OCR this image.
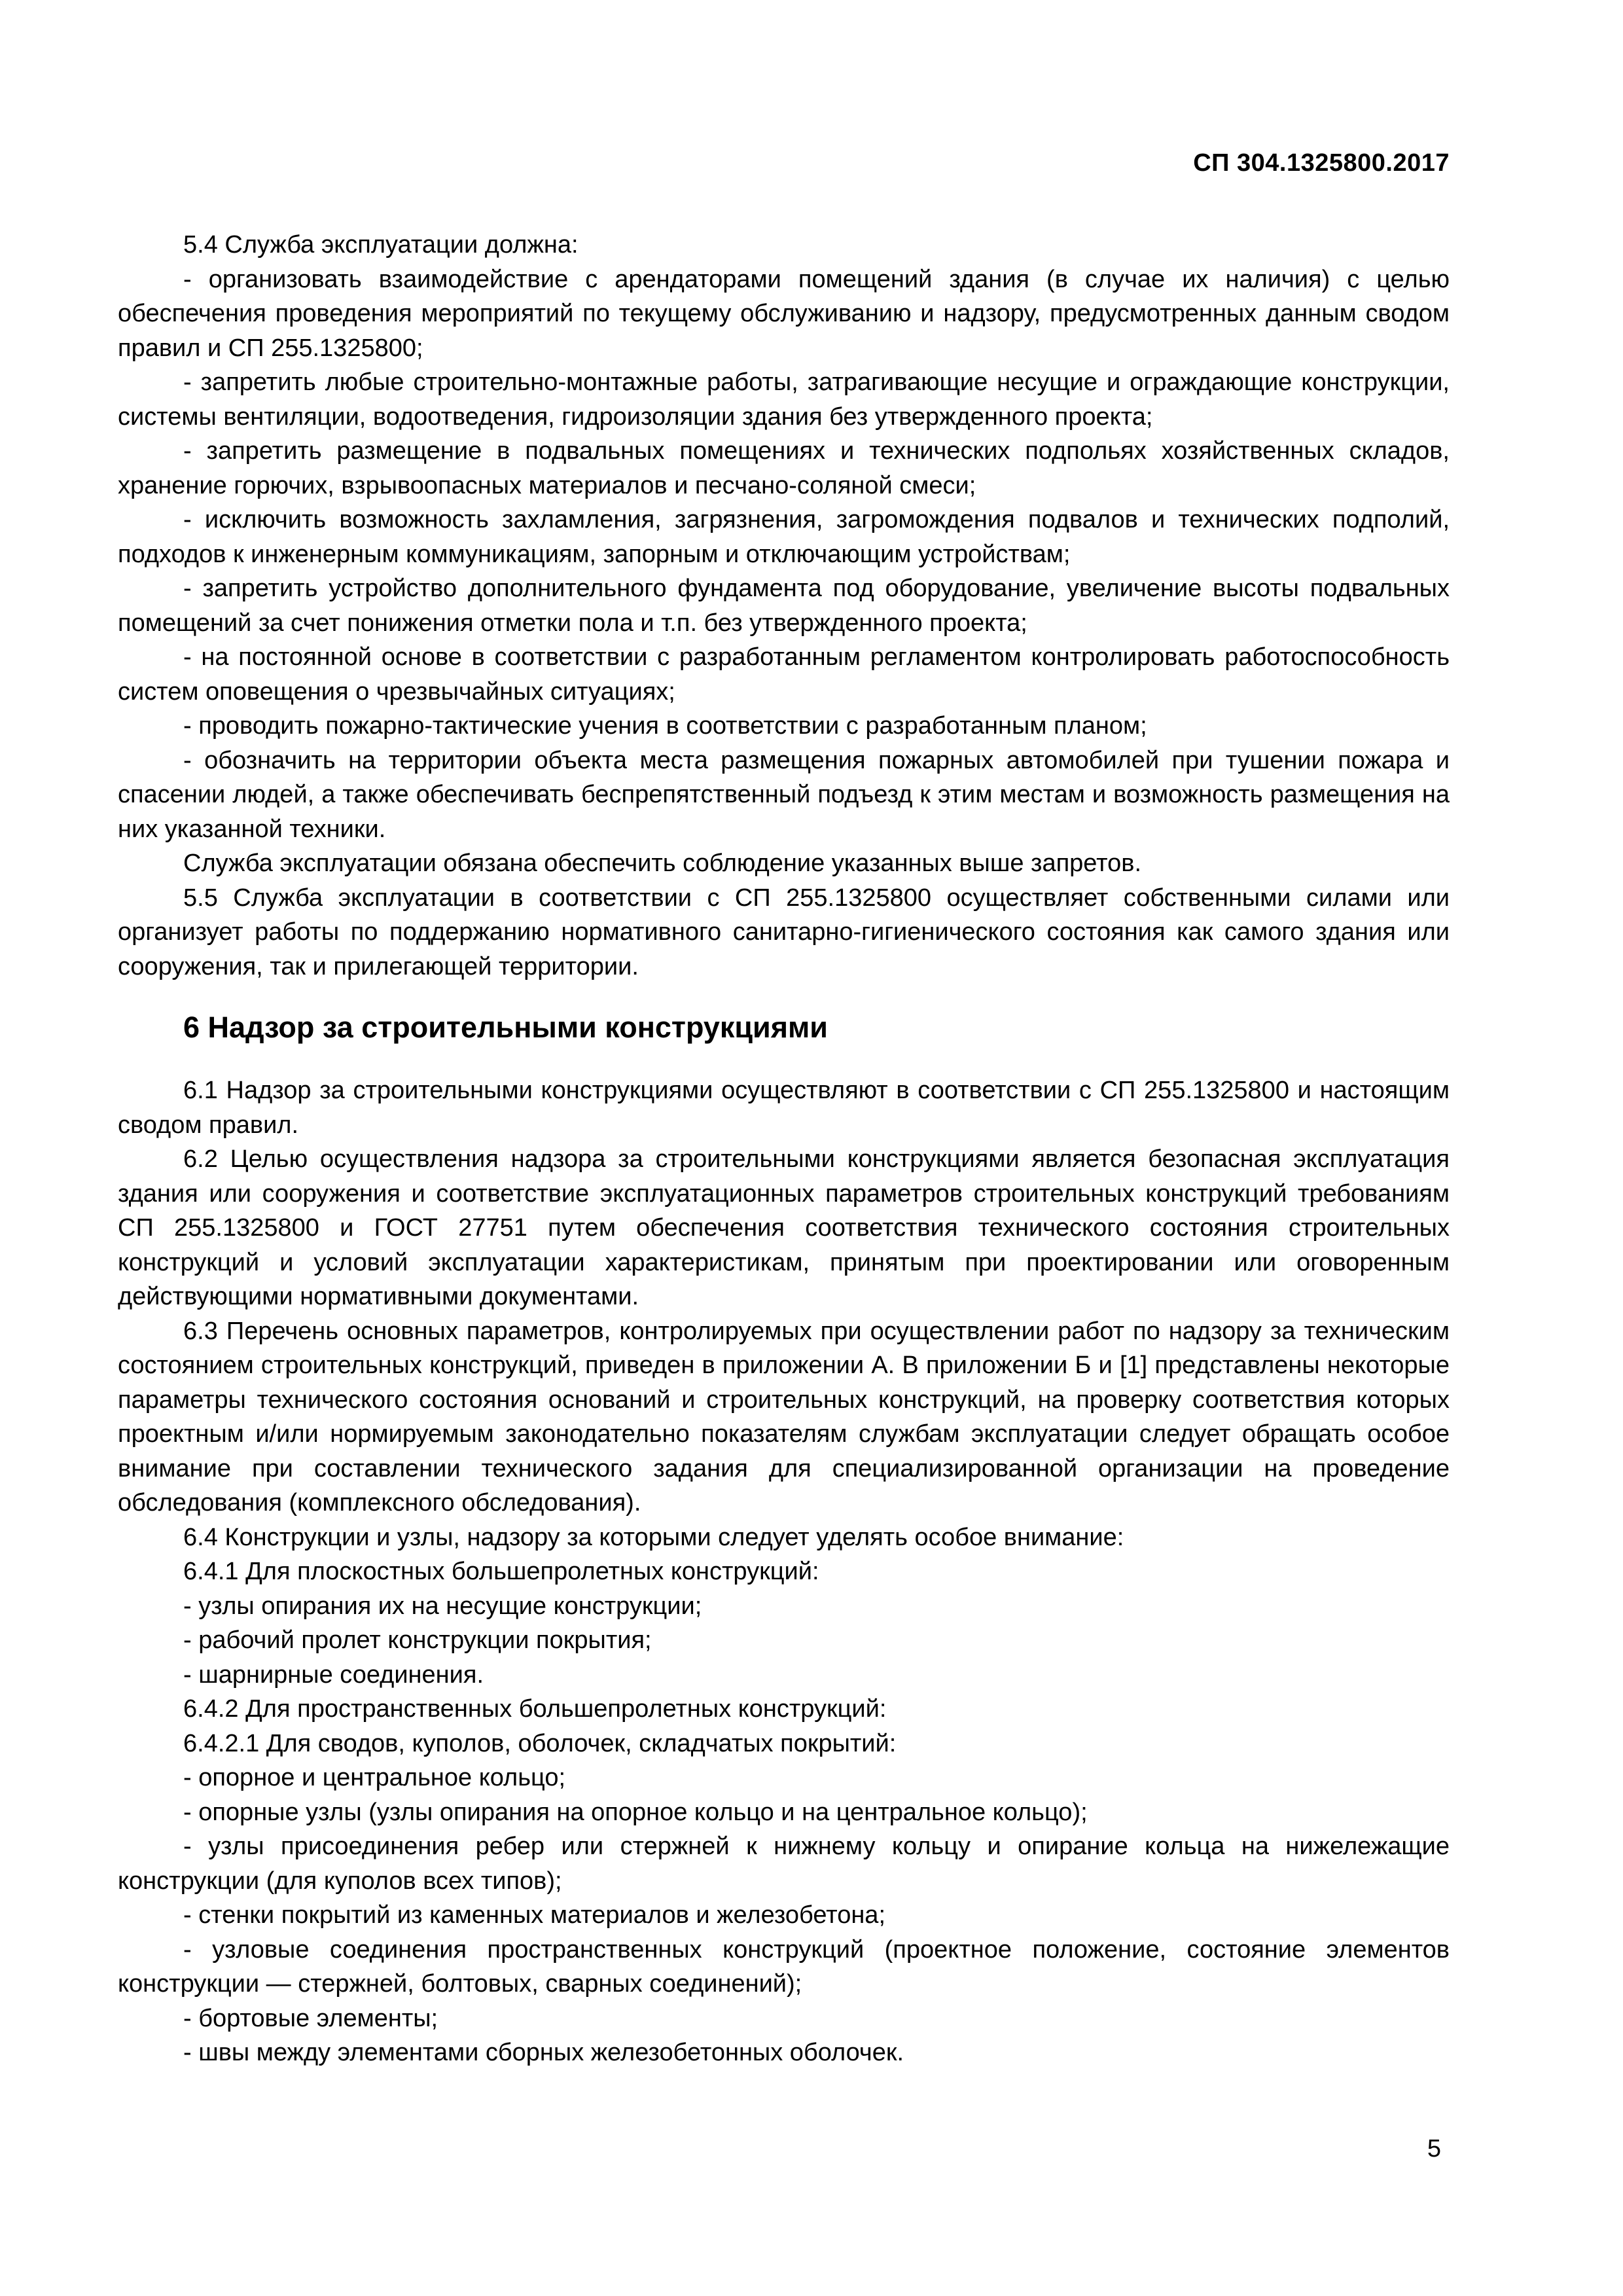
СП 304.1325800.2017

5.4 Служба эксплуатации должна:

- организовать взаимодействие с арендаторами помещений здания (в случае их наличия) с целью обеспечения проведения мероприятий по текущему обслуживанию и надзору, предусмотренных данным сводом правил и СП 255.1325800;

- запретить любые строительно-монтажные работы, затрагивающие несущие и ограждающие конструкции, системы вентиляции, водоотведения, гидроизоляции здания без утвержденного проекта;

- запретить размещение в подвальных помещениях и технических подпольях хозяйственных складов, хранение горючих, взрывоопасных материалов и песчано-соляной смеси;

- исключить возможность захламления, загрязнения, загромождения подвалов и технических подполий, подходов к инженерным коммуникациям, запорным и отключающим устройствам;

- запретить устройство дополнительного фундамента под оборудование, увеличение высоты подвальных помещений за счет понижения отметки пола и т.п. без утвержденного проекта;

- на постоянной основе в соответствии с разработанным регламентом контролировать работоспособность систем оповещения о чрезвычайных ситуациях;

- проводить пожарно-тактические учения в соответствии с разработанным планом;

- обозначить на территории объекта места размещения пожарных автомобилей при тушении пожара и спасении людей, а также обеспечивать беспрепятственный подъезд к этим местам и возможность размещения на них указанной техники.

Служба эксплуатации обязана обеспечить соблюдение указанных выше запретов.

5.5 Служба эксплуатации в соответствии с СП 255.1325800 осуществляет собственными силами или организует работы по поддержанию нормативного санитарно-гигиенического состояния как самого здания или сооружения, так и прилегающей территории.

6 Надзор за строительными конструкциями

6.1 Надзор за строительными конструкциями осуществляют в соответствии с СП 255.1325800 и настоящим сводом правил.

6.2 Целью осуществления надзора за строительными конструкциями является безопасная эксплуатация здания или сооружения и соответствие эксплуатационных параметров строительных конструкций требованиям СП 255.1325800 и ГОСТ 27751 путем обеспечения соответствия технического состояния строительных конструкций и условий эксплуатации характеристикам, принятым при проектировании или оговоренным действующими нормативными документами.

6.3 Перечень основных параметров, контролируемых при осуществлении работ по надзору за техническим состоянием строительных конструкций, приведен в приложении А. В приложении Б и [1] представлены некоторые параметры технического состояния оснований и строительных конструкций, на проверку соответствия которых проектным и/или нормируемым законодательно показателям службам эксплуатации следует обращать особое внимание при составлении технического задания для специализированной организации на проведение обследования (комплексного обследования).

6.4 Конструкции и узлы, надзору за которыми следует уделять особое внимание:

6.4.1 Для плоскостных большепролетных конструкций:

- узлы опирания их на несущие конструкции;

- рабочий пролет конструкции покрытия;

- шарнирные соединения.

6.4.2 Для пространственных большепролетных конструкций:

6.4.2.1 Для сводов, куполов, оболочек, складчатых покрытий:

- опорное и центральное кольцо;

- опорные узлы (узлы опирания на опорное кольцо и на центральное кольцо);

- узлы присоединения ребер или стержней к нижнему кольцу и опирание кольца на нижележащие конструкции (для куполов всех типов);

- стенки покрытий из каменных материалов и железобетона;

- узловые соединения пространственных конструкций (проектное положение, состояние элементов конструкции — стержней, болтовых, сварных соединений);

- бортовые элементы;

- швы между элементами сборных железобетонных оболочек.

5
